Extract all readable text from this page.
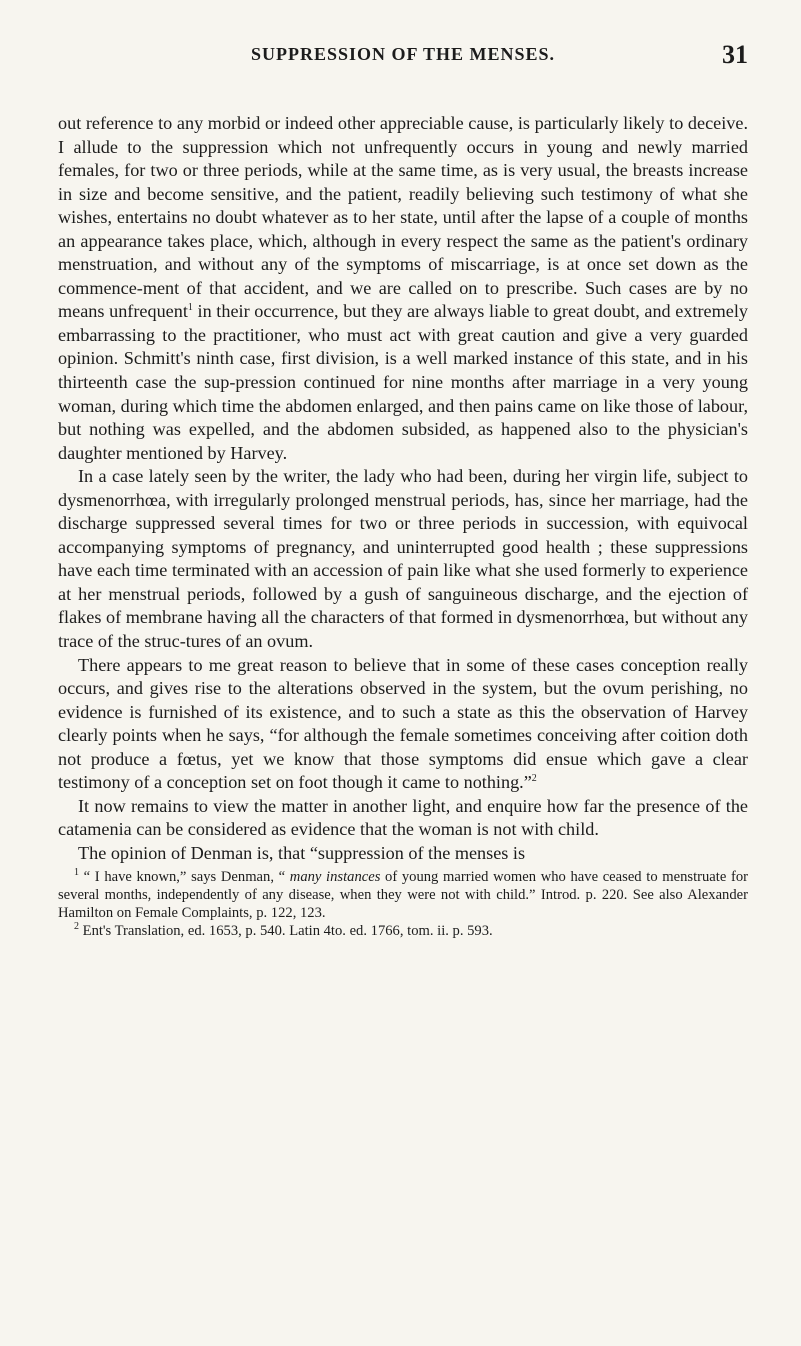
SUPPRESSION OF THE MENSES.	31

out reference to any morbid or indeed other appreciable cause, is particularly likely to deceive. I allude to the suppression which not unfrequently occurs in young and newly married females, for two or three periods, while at the same time, as is very usual, the breasts increase in size and become sensitive, and the patient, readily believing such testimony of what she wishes, entertains no doubt whatever as to her state, until after the lapse of a couple of months an appearance takes place, which, although in every respect the same as the patient's ordinary menstruation, and without any of the symptoms of miscarriage, is at once set down as the commence-ment of that accident, and we are called on to prescribe. Such cases are by no means unfrequent$^1$ in their occurrence, but they are always liable to great doubt, and extremely embarrassing to the practitioner, who must act with great caution and give a very guarded opinion. Schmitt's ninth case, first division, is a well marked instance of this state, and in his thirteenth case the sup-pression continued for nine months after marriage in a very young woman, during which time the abdomen enlarged, and then pains came on like those of labour, but nothing was expelled, and the abdomen subsided, as happened also to the physician's daughter mentioned by Harvey.

In a case lately seen by the writer, the lady who had been, during her virgin life, subject to dysmenorrhœa, with irregularly prolonged menstrual periods, has, since her marriage, had the discharge suppressed several times for two or three periods in succession, with equivocal accompanying symptoms of pregnancy, and uninterrupted good health ; these suppressions have each time terminated with an accession of pain like what she used formerly to experience at her menstrual periods, followed by a gush of sanguineous discharge, and the ejection of flakes of membrane having all the characters of that formed in dysmenorrhœa, but without any trace of the struc-tures of an ovum.

There appears to me great reason to believe that in some of these cases conception really occurs, and gives rise to the alterations observed in the system, but the ovum perishing, no evidence is furnished of its existence, and to such a state as this the observation of Harvey clearly points when he says, “for although the female sometimes conceiving after coition doth not produce a fœtus, yet we know that those symptoms did ensue which gave a clear testimony of a conception set on foot though it came to nothing.”$^2$

It now remains to view the matter in another light, and enquire how far the presence of the catamenia can be considered as evidence that the woman is not with child.

The opinion of Denman is, that “suppression of the menses is

$^1$ “ I have known,” says Denman, “ many instances of young married women who have ceased to menstruate for several months, independently of any disease, when they were not with child.” Introd. p. 220. See also Alexander Hamilton on Female Complaints, p. 122, 123.

$^2$ Ent's Translation, ed. 1653, p. 540. Latin 4to. ed. 1766, tom. ii. p. 593.
